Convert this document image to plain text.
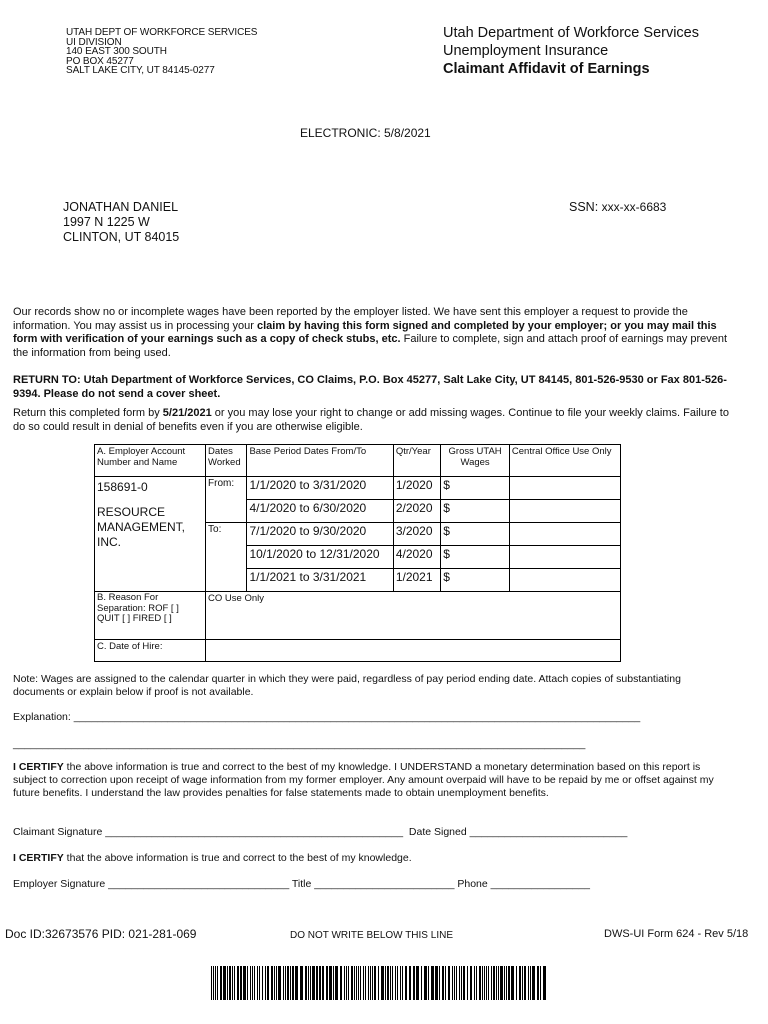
UTAH DEPT OF WORKFORCE SERVICES
UI DIVISION
140 EAST 300 SOUTH
PO BOX 45277
SALT LAKE CITY, UT 84145-0277
Utah Department of Workforce Services
Unemployment Insurance
Claimant Affidavit of Earnings
ELECTRONIC: 5/8/2021
JONATHAN DANIEL
1997 N 1225 W
CLINTON, UT 84015
SSN: xxx-xx-6683
Our records show no or incomplete wages have been reported by the employer listed. We have sent this employer a request to provide the information. You may assist us in processing your claim by having this form signed and completed by your employer; or you may mail this form with verification of your earnings such as a copy of check stubs, etc. Failure to complete, sign and attach proof of earnings may prevent the information from being used.
RETURN TO: Utah Department of Workforce Services, CO Claims, P.O. Box 45277, Salt Lake City, UT 84145, 801-526-9530 or Fax 801-526-9394. Please do not send a cover sheet.
Return this completed form by 5/21/2021 or you may lose your right to change or add missing wages. Continue to file your weekly claims. Failure to do so could result in denial of benefits even if you are otherwise eligible.
A. Employer Account Number and Name	Dates Worked	Base Period Dates From/To	Qtr/Year	Gross UTAH Wages	Central Office Use Only

158691-0
RESOURCE MANAGEMENT, INC.	From:	1/1/2020 to 3/31/2020	1/2020	$	
		4/1/2020 to 6/30/2020	2/2020	$	
	To:	7/1/2020 to 9/30/2020	3/2020	$	
		10/1/2020 to 12/31/2020	4/2020	$	
		1/1/2021 to 3/31/2021	1/2021	$	

B. Reason For
Separation: ROF [ ]
QUIT [ ] FIRED [ ]	CO Use Only				
C. Date of Hire:					
Note: Wages are assigned to the calendar quarter in which they were paid, regardless of pay period ending date. Attach copies of substantiating documents or explain below if proof is not available.
Explanation: _________________________________________________________________________________________________
__________________________________________________________________________________________________
I CERTIFY the above information is true and correct to the best of my knowledge. I UNDERSTAND a monetary determination based on this report is subject to correction upon receipt of wage information from my former employer. Any amount overpaid will have to be repaid by me or offset against my future benefits. I understand the law provides penalties for false statements made to obtain unemployment benefits.
Claimant Signature ___________________________________________________ Date Signed ___________________________
I CERTIFY that the above information is true and correct to the best of my knowledge.
Employer Signature _______________________________ Title ________________________ Phone _________________
Doc ID:32673576 PID: 021-281-069	DO NOT WRITE BELOW THIS LINE	DWS-UI Form 624 - Rev 5/18
